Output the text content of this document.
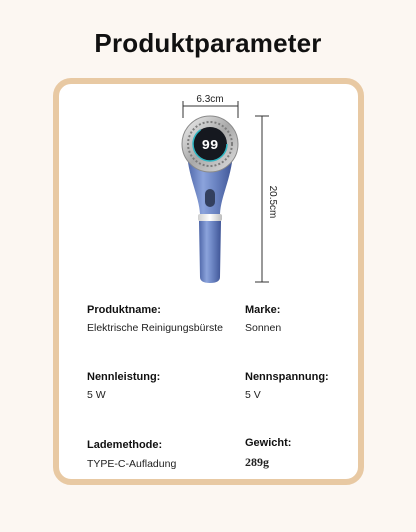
Produktparameter
6.3cm
20.5cm
99
Produktname:
Elektrische Reinigungsbürste
Marke:
Sonnen
Nennleistung:
5 W
Nennspannung:
5 V
Lademethode:
TYPE-C-Aufladung
Gewicht:
289g
